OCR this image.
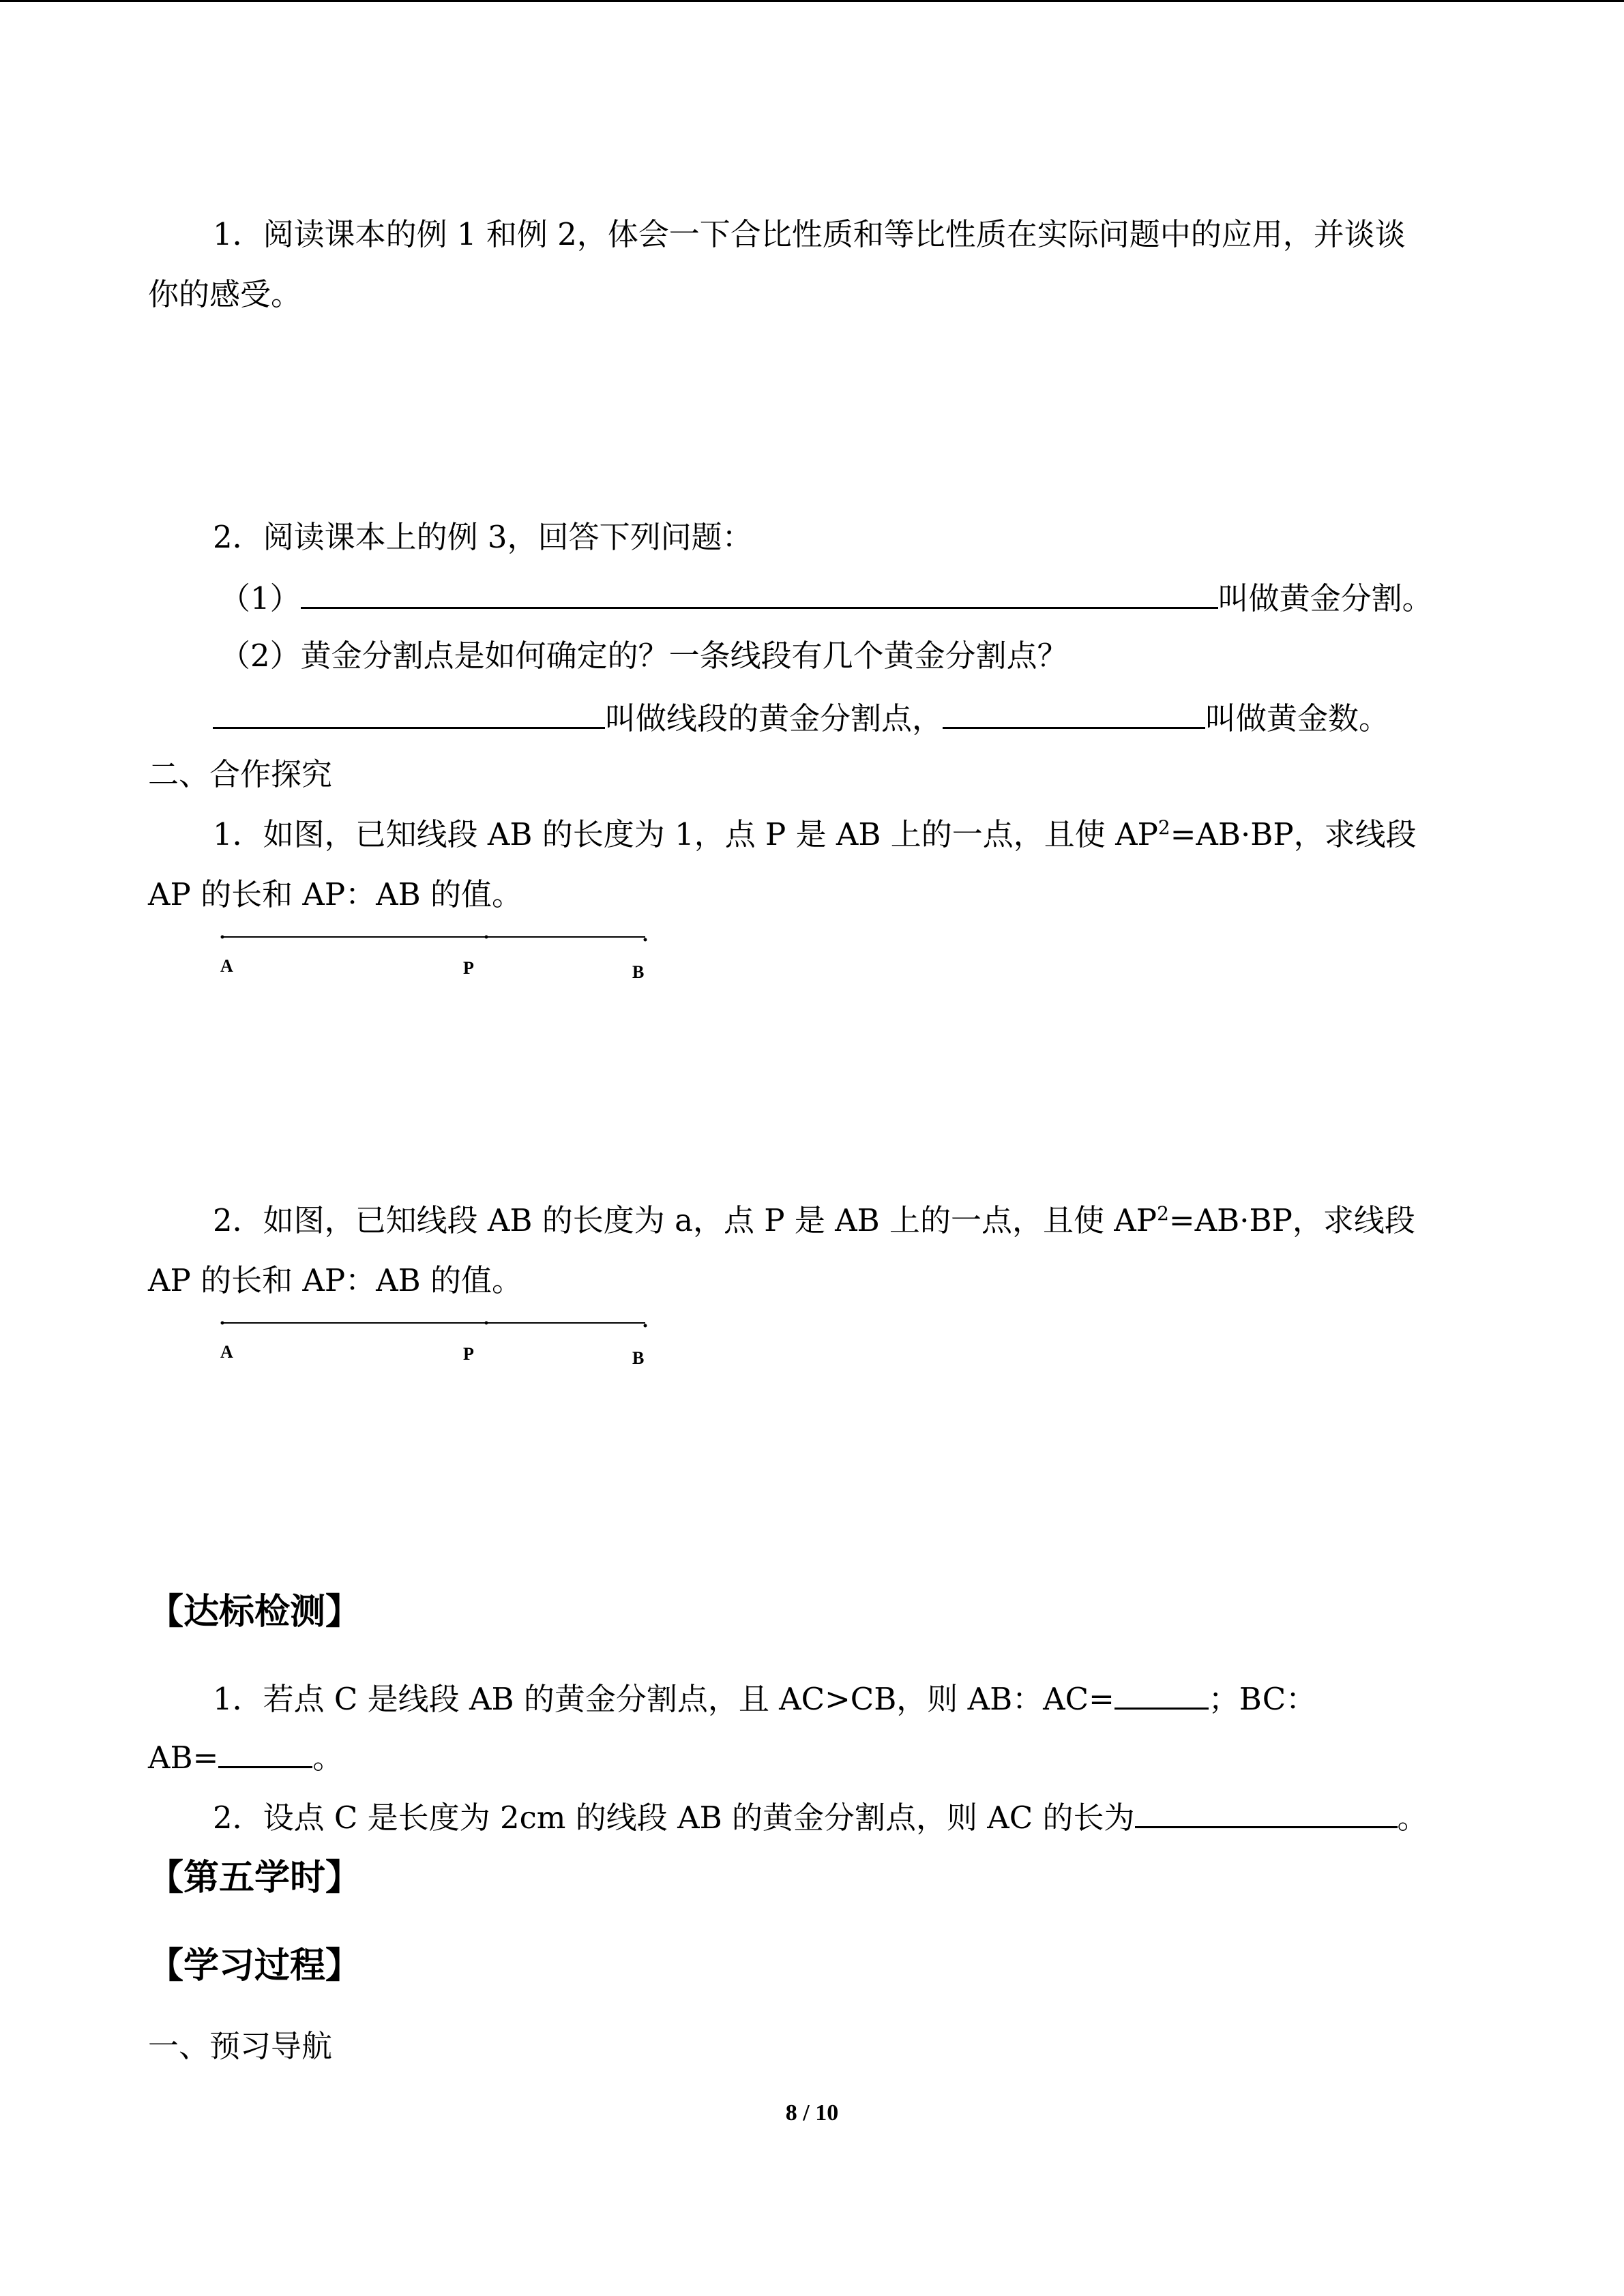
1．阅读课本的例 1 和例 2，体会一下合比性质和等比性质在实际问题中的应用，并谈谈
你的感受。
2．阅读课本上的例 3，回答下列问题：
（1）	叫做黄金分割。
（2）黄金分割点是如何确定的？一条线段有几个黄金分割点？
叫做线段的黄金分割点，	叫做黄金数。
二、合作探究
1．如图，已知线段 AB 的长度为 1，点 P 是 AB 上的一点，且使 $AP^2=AB\cdot BP$，求线段
AP 的长和 AP：AB 的值。
A	P	B
2．如图，已知线段 AB 的长度为 a，点 P 是 AB 上的一点，且使 $AP^2=AB\cdot BP$，求线段
AP 的长和 AP：AB 的值。
A	P	B
【达标检测】
1．若点 C 是线段 AB 的黄金分割点，且 AC>CB，则 AB：AC=	；BC：
AB=	。
2．设点 C 是长度为 2cm 的线段 AB 的黄金分割点，则 AC 的长为	。
【第五学时】
【学习过程】
一、预习导航
8 / 10
